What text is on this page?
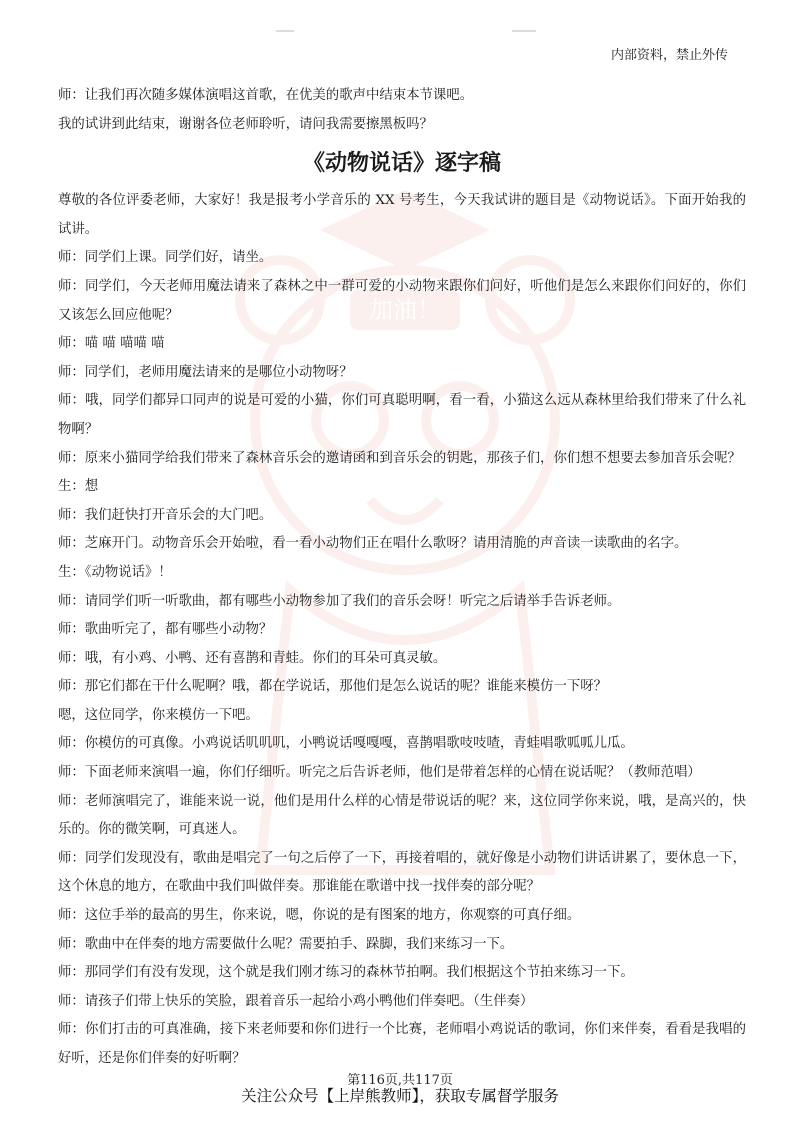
内部资料，禁止外传
加油！

师：让我们再次随多媒体演唱这首歌，在优美的歌声中结束本节课吧。

我的试讲到此结束，谢谢各位老师聆听，请问我需要擦黑板吗？

《动物说话》逐字稿

尊敬的各位评委老师，大家好！我是报考小学音乐的 XX 号考生，今天我试讲的题目是《动物说话》。下面开始我的试讲。

师：同学们上课。同学们好，请坐。

师：同学们，今天老师用魔法请来了森林之中一群可爱的小动物来跟你们问好，听他们是怎么来跟你们问好的，你们又该怎么回应他呢？

师：喵 喵 喵喵 喵

师：同学们，老师用魔法请来的是哪位小动物呀？

师：哦，同学们都异口同声的说是可爱的小猫，你们可真聪明啊，看一看，小猫这么远从森林里给我们带来了什么礼物啊？

师：原来小猫同学给我们带来了森林音乐会的邀请函和到音乐会的钥匙，那孩子们，你们想不想要去参加音乐会呢？

生：想

师：我们赶快打开音乐会的大门吧。

师：芝麻开门。动物音乐会开始啦，看一看小动物们正在唱什么歌呀？请用清脆的声音读一读歌曲的名字。

生：《动物说话》！

师：请同学们听一听歌曲，都有哪些小动物参加了我们的音乐会呀！听完之后请举手告诉老师。

师：歌曲听完了，都有哪些小动物？

师：哦，有小鸡、小鸭、还有喜鹊和青蛙。你们的耳朵可真灵敏。

师：那它们都在干什么呢啊？哦，都在学说话，那他们是怎么说话的呢？谁能来模仿一下呀？

嗯，这位同学，你来模仿一下吧。

师：你模仿的可真像。小鸡说话叽叽叽，小鸭说话嘎嘎嘎，喜鹊唱歌吱吱喳，青蛙唱歌呱呱儿瓜。

师：下面老师来演唱一遍，你们仔细听。听完之后告诉老师，他们是带着怎样的心情在说话呢？（教师范唱）

师：老师演唱完了，谁能来说一说，他们是用什么样的心情是带说话的呢？来，这位同学你来说，哦，是高兴的，快乐的。你的微笑啊，可真迷人。

师：同学们发现没有，歌曲是唱完了一句之后停了一下，再接着唱的，就好像是小动物们讲话讲累了，要休息一下，这个休息的地方，在歌曲中我们叫做伴奏。那谁能在歌谱中找一找伴奏的部分呢？

师：这位手举的最高的男生，你来说，嗯，你说的是有图案的地方，你观察的可真仔细。

师：歌曲中在伴奏的地方需要做什么呢？需要拍手、跺脚，我们来练习一下。

师：那同学们有没有发现，这个就是我们刚才练习的森林节拍啊。我们根据这个节拍来练习一下。

师：请孩子们带上快乐的笑脸，跟着音乐一起给小鸡小鸭他们伴奏吧。（生伴奏）

师：你们打击的可真准确，接下来老师要和你们进行一个比赛，老师唱小鸡说话的歌词，你们来伴奏，看看是我唱的好听，还是你们伴奏的好听啊？

第116页,共117页
关注公众号【上岸熊教师】，获取专属督学服务
